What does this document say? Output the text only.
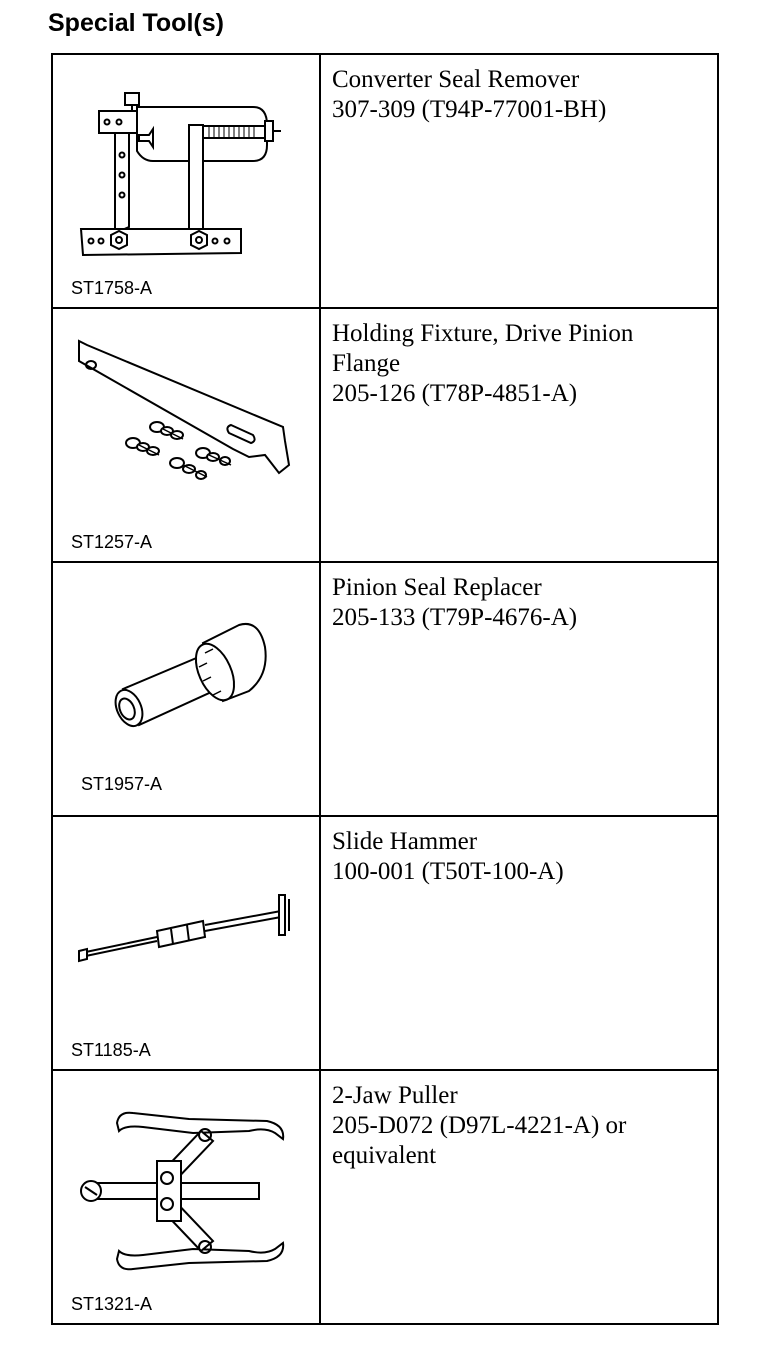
Special Tool(s)
ST1758-A	Converter Seal Remover
307-309 (T94P-77001-BH)

ST1257-A	Holding Fixture, Drive Pinion Flange
205-126 (T78P-4851-A)

ST1957-A	Pinion Seal Replacer
205-133 (T79P-4676-A)

ST1185-A	Slide Hammer
100-001 (T50T-100-A)

ST1321-A	2-Jaw Puller
205-D072 (D97L-4221-A) or equivalent
